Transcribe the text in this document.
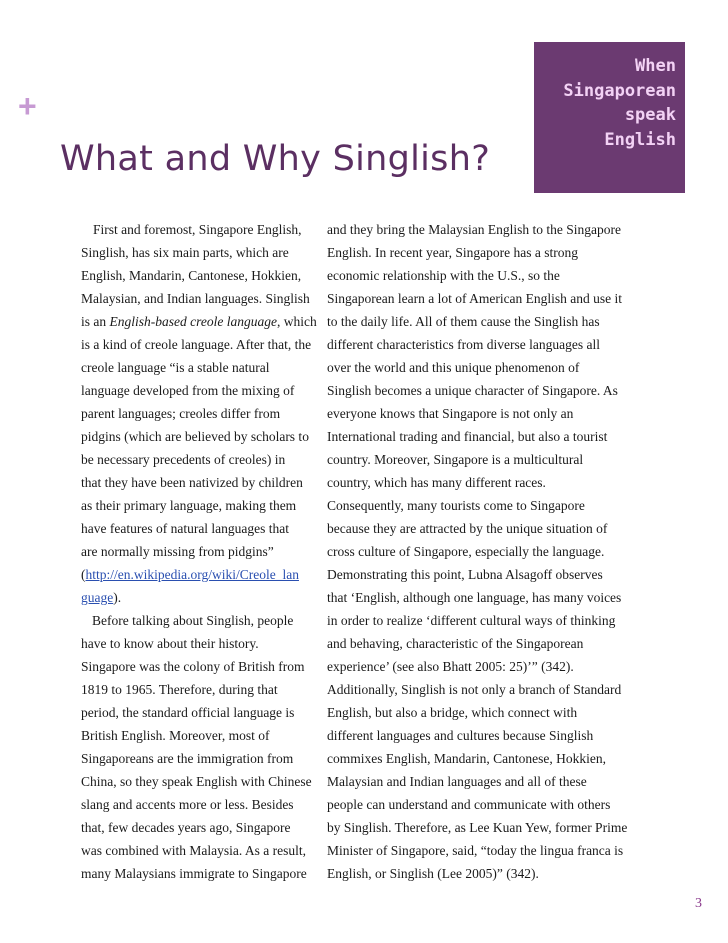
+
What and Why Singlish?
When
Singaporean
speak
English
First and foremost, Singapore English,
Singlish, has six main parts, which are
English, Mandarin, Cantonese, Hokkien,
Malaysian, and Indian languages. Singlish
is an English-based creole language, which
is a kind of creole language. After that, the
creole language “is a stable natural
language developed from the mixing of
parent languages; creoles differ from
pidgins (which are believed by scholars to
be necessary precedents of creoles) in
that they have been nativized by children
as their primary language, making them
have features of natural languages that
are normally missing from pidgins”
(http://en.wikipedia.org/wiki/Creole_lan
guage).
Before talking about Singlish, people
have to know about their history.
Singapore was the colony of British from
1819 to 1965. Therefore, during that
period, the standard official language is
British English. Moreover, most of
Singaporeans are the immigration from
China, so they speak English with Chinese
slang and accents more or less. Besides
that, few decades years ago, Singapore
was combined with Malaysia. As a result,
many Malaysians immigrate to Singapore
and they bring the Malaysian English to the Singapore
English. In recent year, Singapore has a strong
economic relationship with the U.S., so the
Singaporean learn a lot of American English and use it
to the daily life. All of them cause the Singlish has
different characteristics from diverse languages all
over the world and this unique phenomenon of
Singlish becomes a unique character of Singapore. As
everyone knows that Singapore is not only an
International trading and financial, but also a tourist
country. Moreover, Singapore is a multicultural
country, which has many different races.
Consequently, many tourists come to Singapore
because they are attracted by the unique situation of
cross culture of Singapore, especially the language.
Demonstrating this point, Lubna Alsagoff observes
that ‘English, although one language, has many voices
in order to realize ‘different cultural ways of thinking
and behaving, characteristic of the Singaporean
experience’ (see also Bhatt 2005: 25)’” (342).
Additionally, Singlish is not only a branch of Standard
English, but also a bridge, which connect with
different languages and cultures because Singlish
commixes English, Mandarin, Cantonese, Hokkien,
Malaysian and Indian languages and all of these
people can understand and communicate with others
by Singlish. Therefore, as Lee Kuan Yew, former Prime
Minister of Singapore, said, “today the lingua franca is
English, or Singlish (Lee 2005)” (342).
3
